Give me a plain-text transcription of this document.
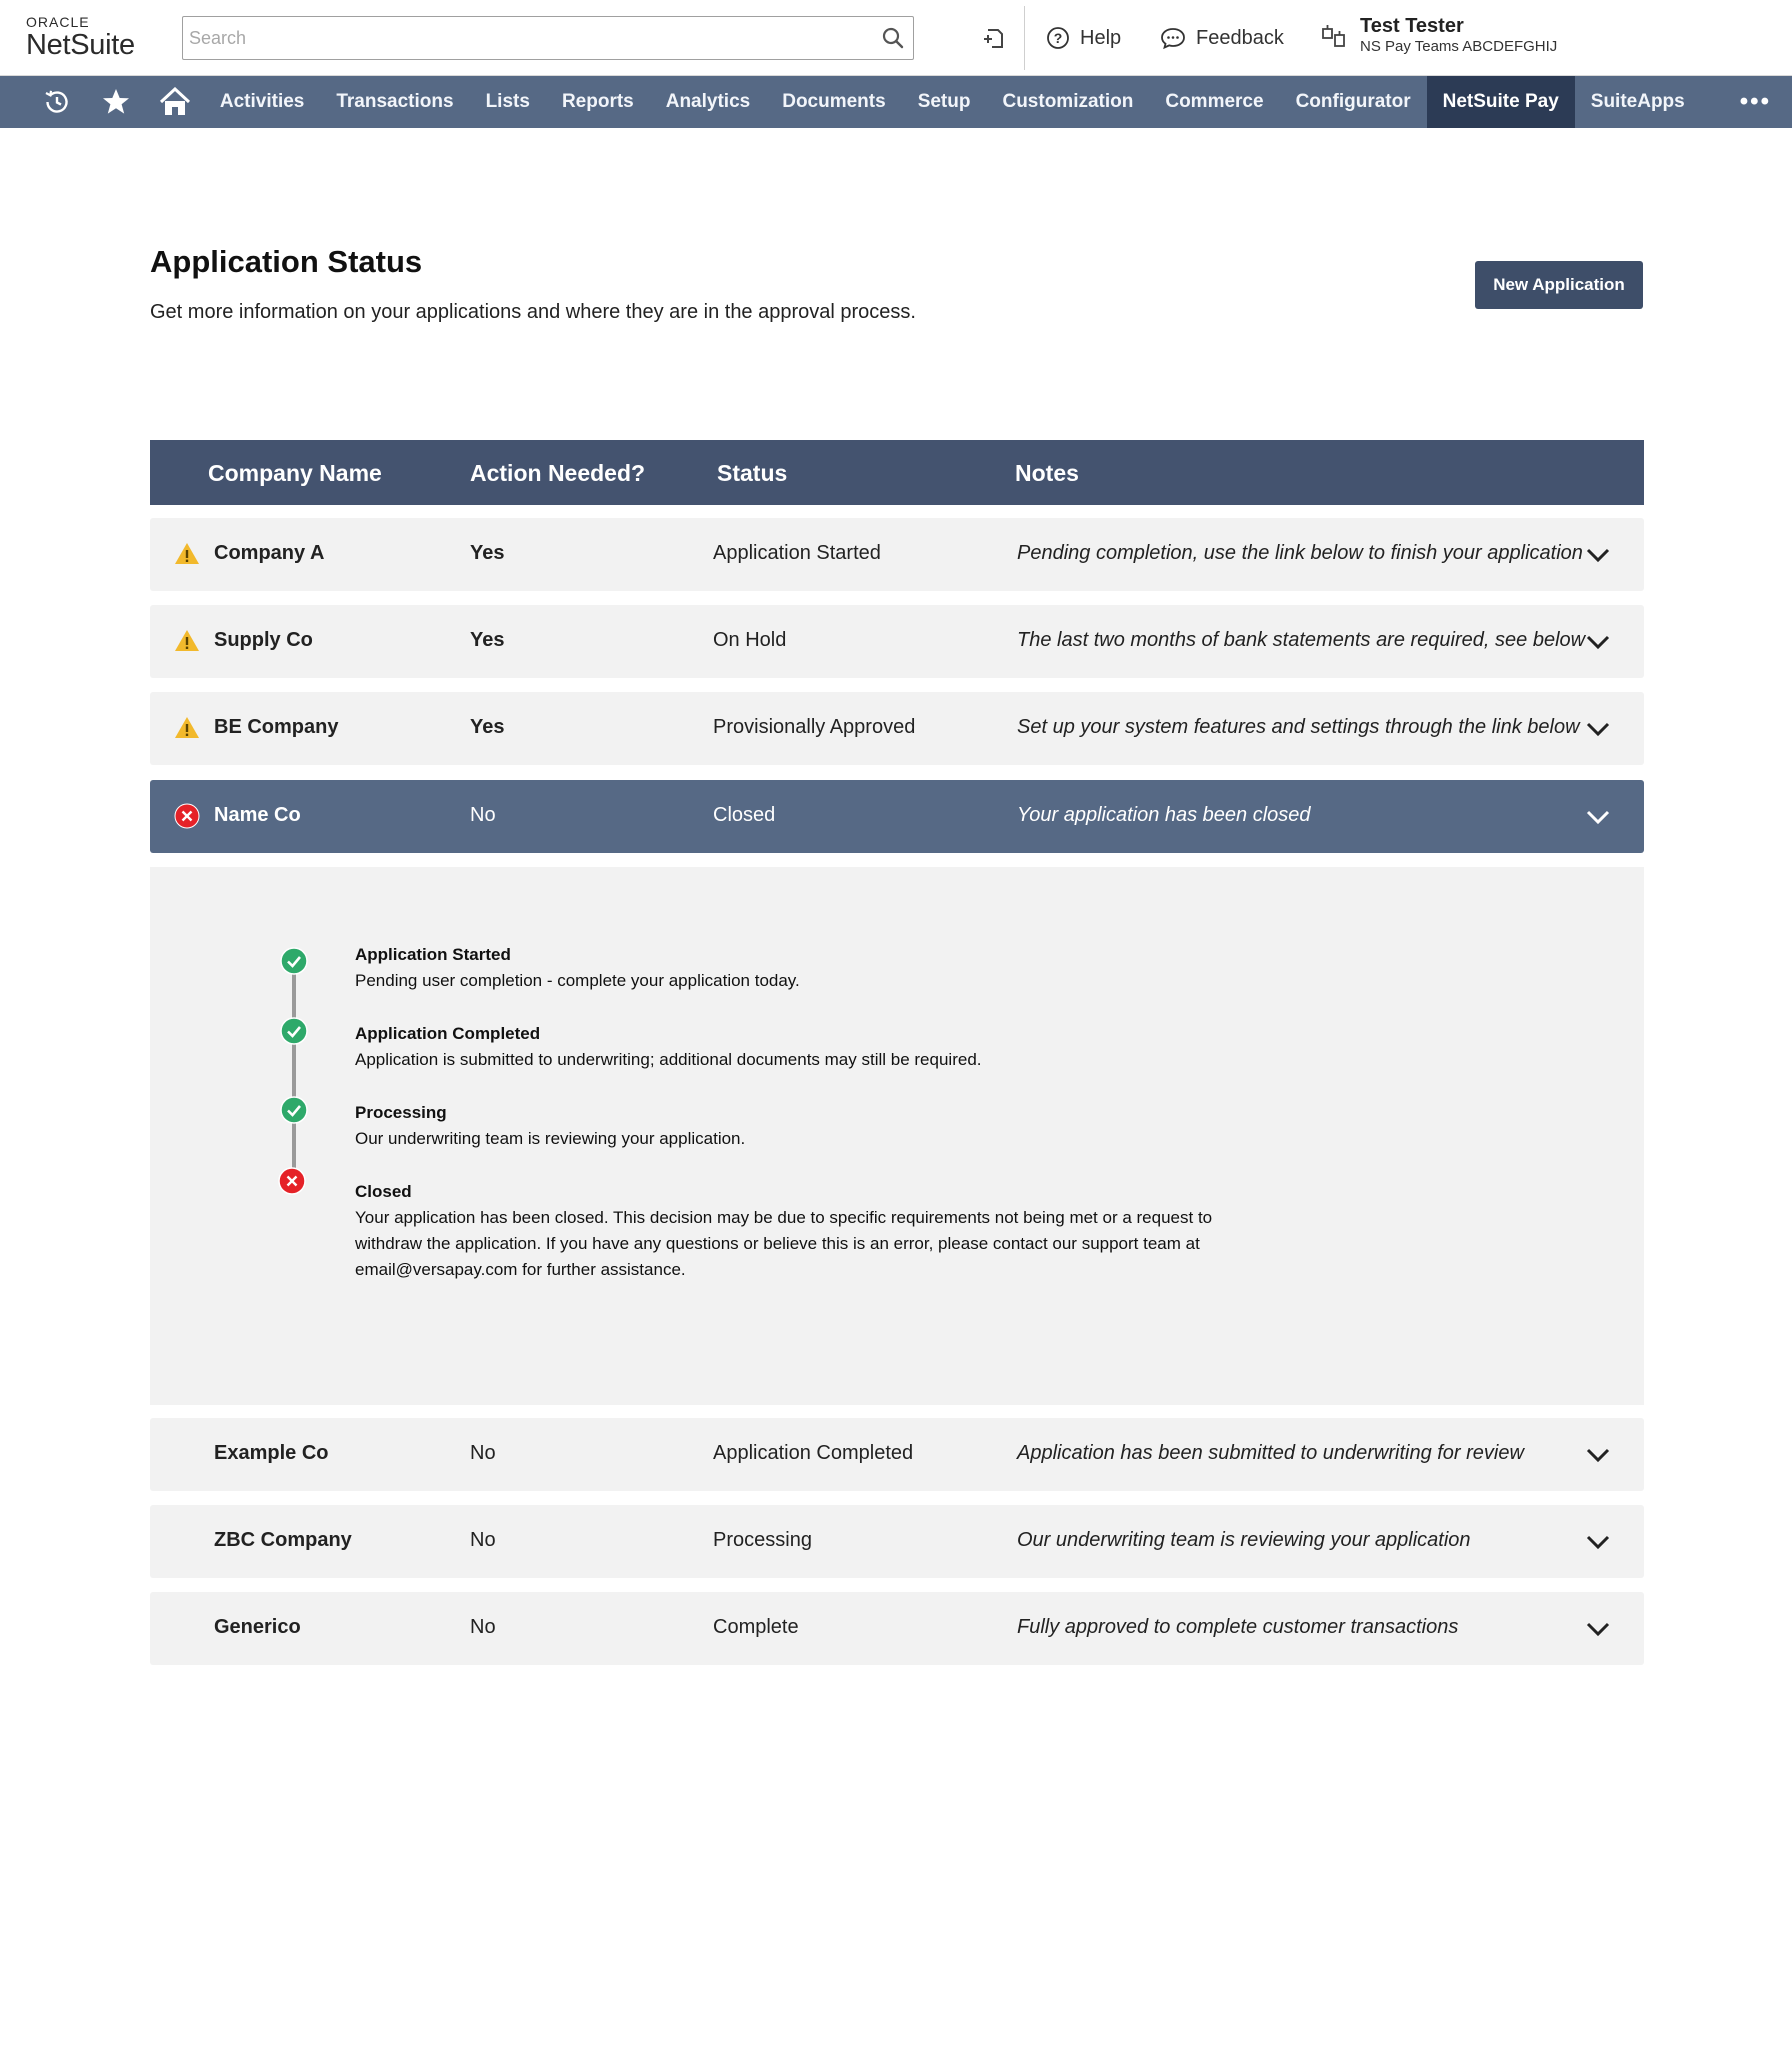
ORACLE
NetSuite
Search	? Help	Feedback
Test Tester
NS Pay Teams ABCDEFGHIJ
Activities	Transactions	Lists	Reports	Analytics	Documents	Setup	Customization	Commerce	Configurator	NetSuite Pay	SuiteApps	•••
Application Status
Get more information on your applications and where they are in the approval process.
New Application
Company Name	Action Needed?	Status	Notes
Company A	Yes	Application Started	Pending completion, use the link below to finish your application
Supply Co	Yes	On Hold	The last two months of bank statements are required, see below
BE Company	Yes	Provisionally Approved	Set up your system features and settings through the link below
Name Co	No	Closed	Your application has been closed
Application Started
Pending user completion - complete your application today.
Application Completed
Application is submitted to underwriting; additional documents may still be required.
Processing
Our underwriting team is reviewing your application.
Closed
Your application has been closed. This decision may be due to specific requirements not being met or a request to
withdraw the application. If you have any questions or believe this is an error, please contact our support team at
email@versapay.com for further assistance.
Example Co	No	Application Completed	Application has been submitted to underwriting for review
ZBC Company	No	Processing	Our underwriting team is reviewing your application
Generico	No	Complete	Fully approved to complete customer transactions
